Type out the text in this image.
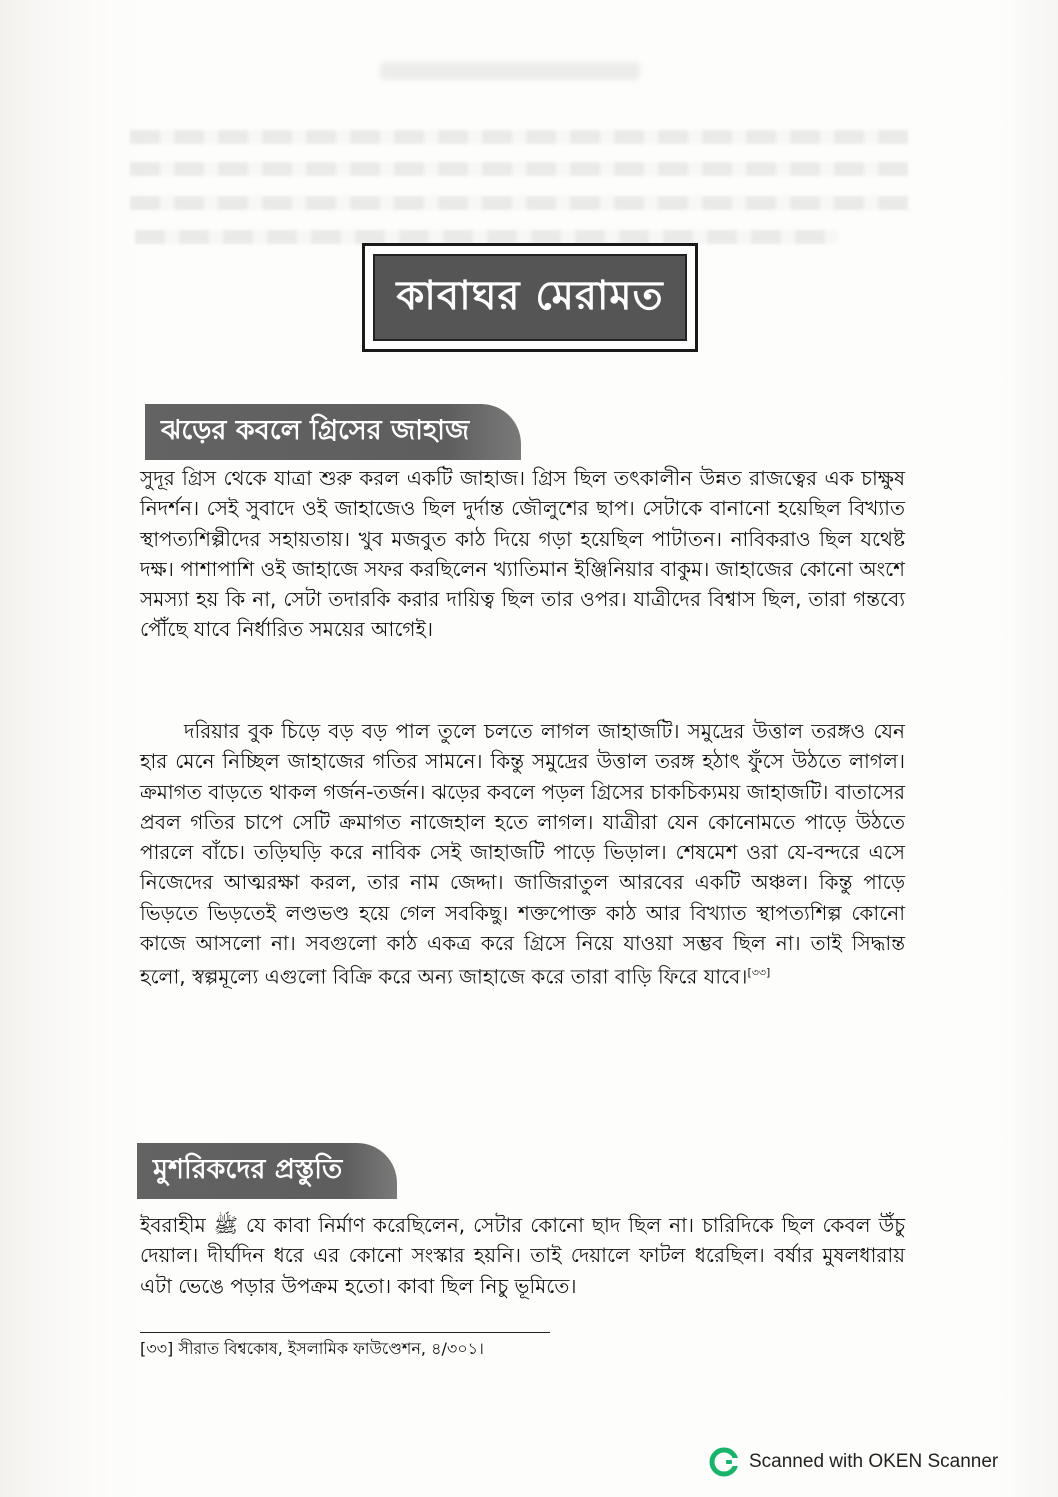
কাবাঘর মেরামত
ঝড়ের কবলে গ্রিসের জাহাজ
সুদূর গ্রিস থেকে যাত্রা শুরু করল একটি জাহাজ। গ্রিস ছিল তৎকালীন উন্নত রাজত্বের এক চাক্ষুষ নিদর্শন। সেই সুবাদে ওই জাহাজেও ছিল দুর্দান্ত জৌলুশের ছাপ। সেটাকে বানানো হয়েছিল বিখ্যাত স্থাপত্যশিল্পীদের সহায়তায়। খুব মজবুত কাঠ দিয়ে গড়া হয়েছিল পাটাতন। নাবিকরাও ছিল যথেষ্ট দক্ষ। পাশাপাশি ওই জাহাজে সফর করছিলেন খ্যাতিমান ইঞ্জিনিয়ার বাকুম। জাহাজের কোনো অংশে সমস্যা হয় কি না, সেটা তদারকি করার দায়িত্ব ছিল তার ওপর। যাত্রীদের বিশ্বাস ছিল, তারা গন্তব্যে পৌঁছে যাবে নির্ধারিত সময়ের আগেই।
দরিয়ার বুক চিড়ে বড় বড় পাল তুলে চলতে লাগল জাহাজটি। সমুদ্রের উত্তাল তরঙ্গও যেন হার মেনে নিচ্ছিল জাহাজের গতির সামনে। কিন্তু সমুদ্রের উত্তাল তরঙ্গ হঠাৎ ফুঁসে উঠতে লাগল। ক্রমাগত বাড়তে থাকল গর্জন-তর্জন। ঝড়ের কবলে পড়ল গ্রিসের চাকচিক্যময় জাহাজটি। বাতাসের প্রবল গতির চাপে সেটি ক্রমাগত নাজেহাল হতে লাগল। যাত্রীরা যেন কোনোমতে পাড়ে উঠতে পারলে বাঁচে। তড়িঘড়ি করে নাবিক সেই জাহাজটি পাড়ে ভিড়াল। শেষমেশ ওরা যে-বন্দরে এসে নিজেদের আত্মরক্ষা করল, তার নাম জেদ্দা। জাজিরাতুল আরবের একটি অঞ্চল। কিন্তু পাড়ে ভিড়তে ভিড়তেই লণ্ডভণ্ড হয়ে গেল সবকিছু। শক্তপোক্ত কাঠ আর বিখ্যাত স্থাপত্যশিল্প কোনো কাজে আসলো না। সবগুলো কাঠ একত্র করে গ্রিসে নিয়ে যাওয়া সম্ভব ছিল না। তাই সিদ্ধান্ত হলো, স্বল্পমূল্যে এগুলো বিক্রি করে অন্য জাহাজে করে তারা বাড়ি ফিরে যাবে।[৩৩]
মুশরিকদের প্রস্তুতি
ইবরাহীম ﷺ যে কাবা নির্মাণ করেছিলেন, সেটার কোনো ছাদ ছিল না। চারিদিকে ছিল কেবল উঁচু দেয়াল। দীর্ঘদিন ধরে এর কোনো সংস্কার হয়নি। তাই দেয়ালে ফাটল ধরেছিল। বর্ষার মুষলধারায় এটা ভেঙে পড়ার উপক্রম হতো। কাবা ছিল নিচু ভূমিতে।
[৩৩] সীরাত বিশ্বকোষ, ইসলামিক ফাউণ্ডেশন, ৪/৩০১।
Scanned with OKEN Scanner
